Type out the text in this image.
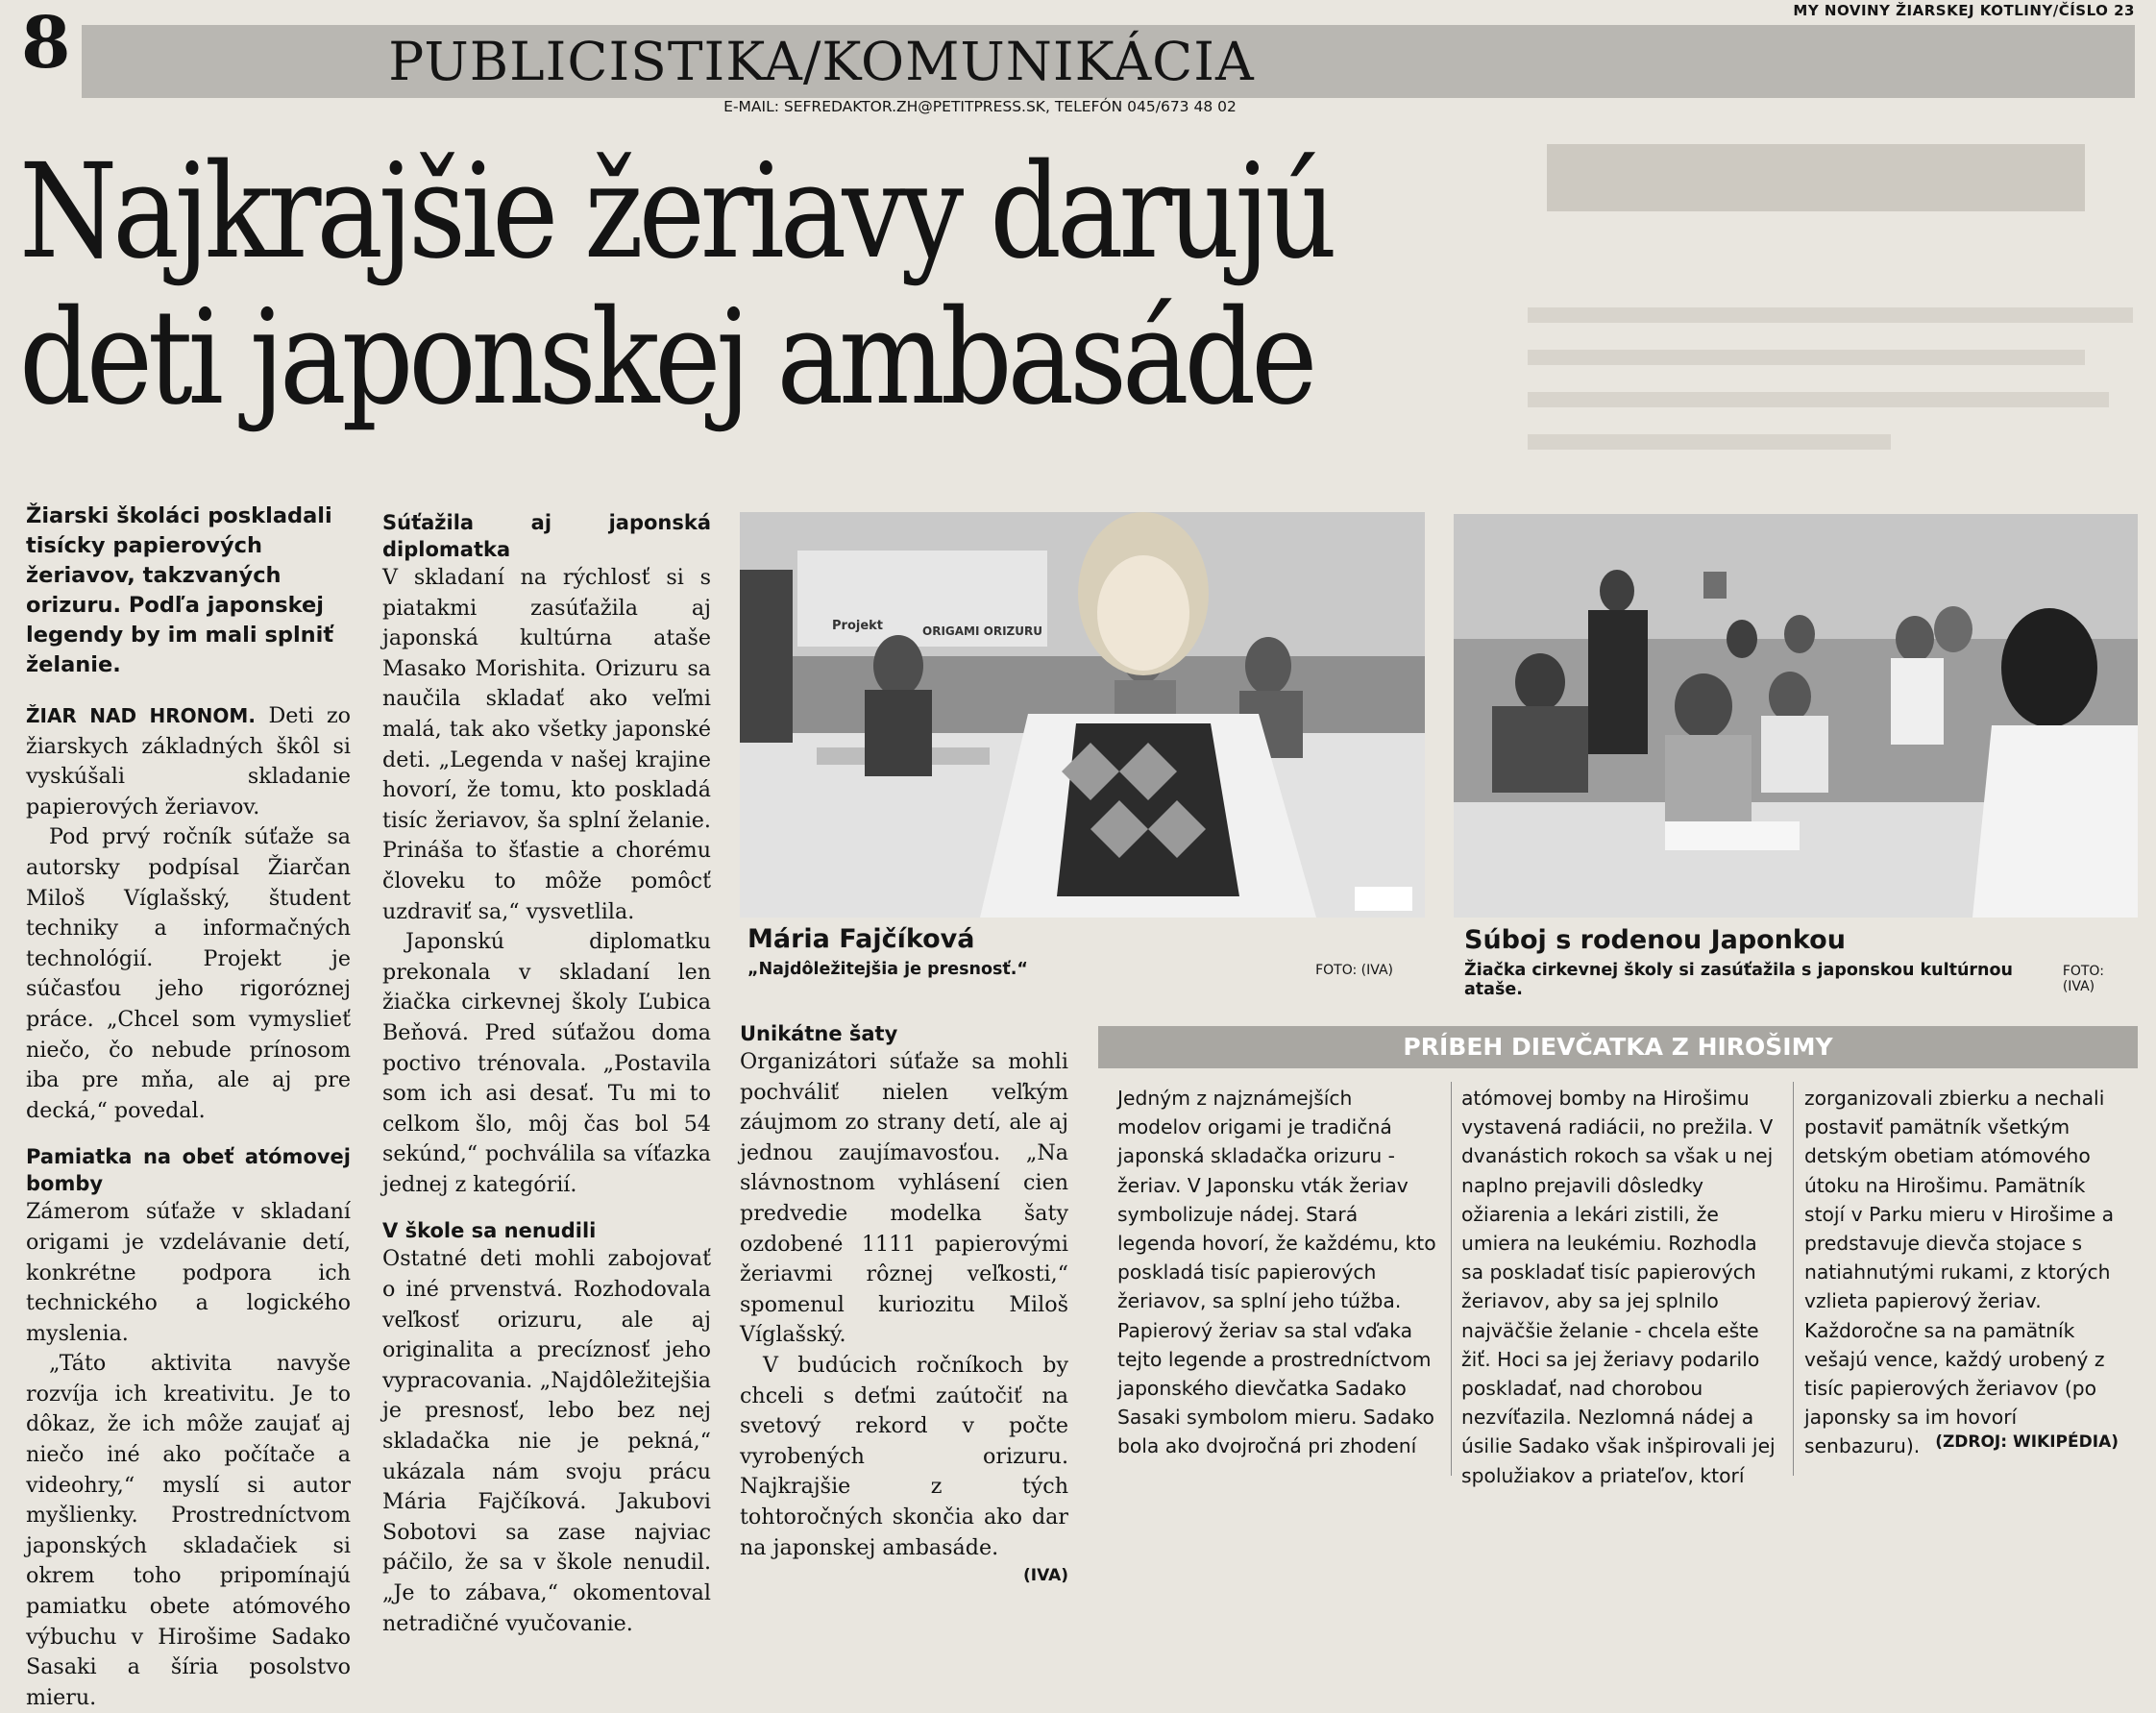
8	MY NOVINY ŽIARSKEJ KOTLINY/ČÍSLO 23
PUBLICISTIKA/KOMUNIKÁCIA
E-MAIL: SEFREDAKTOR.ZH@PETITPRESS.SK, TELEFÓN 045/673 48 02
Najkrajšie žeriavy darujú
deti japonskej ambasáde

Žiarski školáci poskladali tisícky papierových žeriavov, takzvaných orizuru. Podľa japonskej legendy by im mali splniť želanie.

ŽIAR NAD HRONOM. Deti zo žiarskych základných škôl si vyskúšali skladanie papierových žeriavov.

Pod prvý ročník súťaže sa autorsky podpísal Žiarčan Miloš Víglašský, študent techniky a informačných technológií. Projekt je súčasťou jeho rigoróznej práce. „Chcel som vymyslieť niečo, čo nebude prínosom iba pre mňa, ale aj pre decká,“ povedal.

Pamiatka na obeť atómovej bomby

Zámerom súťaže v skladaní origami je vzdelávanie detí, konkrétne podpora ich technického a logického myslenia.

„Táto aktivita navyše rozvíja ich kreativitu. Je to dôkaz, že ich môže zaujať aj niečo iné ako počítače a videohry,“ myslí si autor myšlienky. Prostredníctvom japonských skladačiek si okrem toho pripomínajú pamiatku obete atómového výbuchu v Hirošime Sadako Sasaki a šíria posolstvo mieru.

Súťažila aj japonská diplomatka

V skladaní na rýchlosť si s piatakmi zasúťažila aj japonská kultúrna ataše Masako Morishita. Orizuru sa naučila skladať ako veľmi malá, tak ako všetky japonské deti. „Legenda v našej krajine hovorí, že tomu, kto poskladá tisíc žeriavov, ša splní želanie. Prináša to šťastie a chorému človeku to môže pomôcť uzdraviť sa,“ vysvetlila.

Japonskú diplomatku prekonala v skladaní len žiačka cirkevnej školy Ľubica Beňová. Pred súťažou doma poctivo trénovala. „Postavila som ich asi desať. Tu mi to celkom šlo, môj čas bol 54 sekúnd,“ pochválila sa víťazka jednej z kategórií.

V škole sa nenudili

Ostatné deti mohli zabojovať o iné prvenstvá. Rozhodovala veľkosť orizuru, ale aj originalita a precíznosť jeho vypracovania. „Najdôležitejšia je presnosť, lebo bez nej skladačka nie je pekná,“ ukázala nám svoju prácu Mária Fajčíková. Jakubovi Sobotovi sa zase najviac páčilo, že sa v škole nenudil. „Je to zábava,“ okomentoval netradičné vyučovanie.

Unikátne šaty

Organizátori súťaže sa mohli pochváliť nielen veľkým záujmom zo strany detí, ale aj jednou zaujímavosťou. „Na slávnostnom vyhlásení cien predvedie modelka šaty ozdobené 1111 papierovými žeriavmi rôznej veľkosti,“ spomenul kuriozitu Miloš Víglašský.

V budúcich ročníkoch by chceli s deťmi zaútočiť na svetový rekord v počte vyrobených orizuru. Najkrajšie z tých tohtoročných skončia ako dar na japonskej ambasáde.

(IVA)
Projekt	ORIGAMI ORIZURU
Mária Fajčíková
„Najdôležitejšia je presnosť.“	FOTO: (IVA)
Súboj s rodenou Japonkou
Žiačka cirkevnej školy si zasúťažila s japonskou kultúrnou ataše.
FOTO: (IVA)
PRÍBEH DIEVČATKA Z HIROŠIMY
Jedným z najznámejších modelov origami je tradičná japonská skladačka orizuru - žeriav. V Japonsku vták žeriav symbolizuje nádej. Stará legenda hovorí, že každému, kto poskladá tisíc papierových žeriavov, sa splní jeho túžba. Papierový žeriav sa stal vďaka tejto legende a prostredníctvom japonského dievčatka Sadako Sasaki symbolom mieru. Sadako bola ako dvojročná pri zhodení
atómovej bomby na Hirošimu vystavená radiácii, no prežila. V dvanástich rokoch sa však u nej naplno prejavili dôsledky ožiarenia a lekári zistili, že umiera na leukémiu. Rozhodla sa poskladať tisíc papierových žeriavov, aby sa jej splnilo najväčšie želanie - chcela ešte žiť. Hoci sa jej žeriavy podarilo poskladať, nad chorobou nezvíťazila. Nezlomná nádej a úsilie Sadako však inšpirovali jej spolužiakov a priateľov, ktorí
zorganizovali zbierku a nechali postaviť pamätník všetkým detským obetiam atómového útoku na Hirošimu. Pamätník stojí v Parku mieru v Hirošime a predstavuje dievča stojace s natiahnutými rukami, z ktorých vzlieta papierový žeriav. Každoročne sa na pamätník vešajú vence, každý urobený z tisíc papierových žeriavov (po japonsky sa im hovorí senbazuru). (ZDROJ: WIKIPÉDIA)
